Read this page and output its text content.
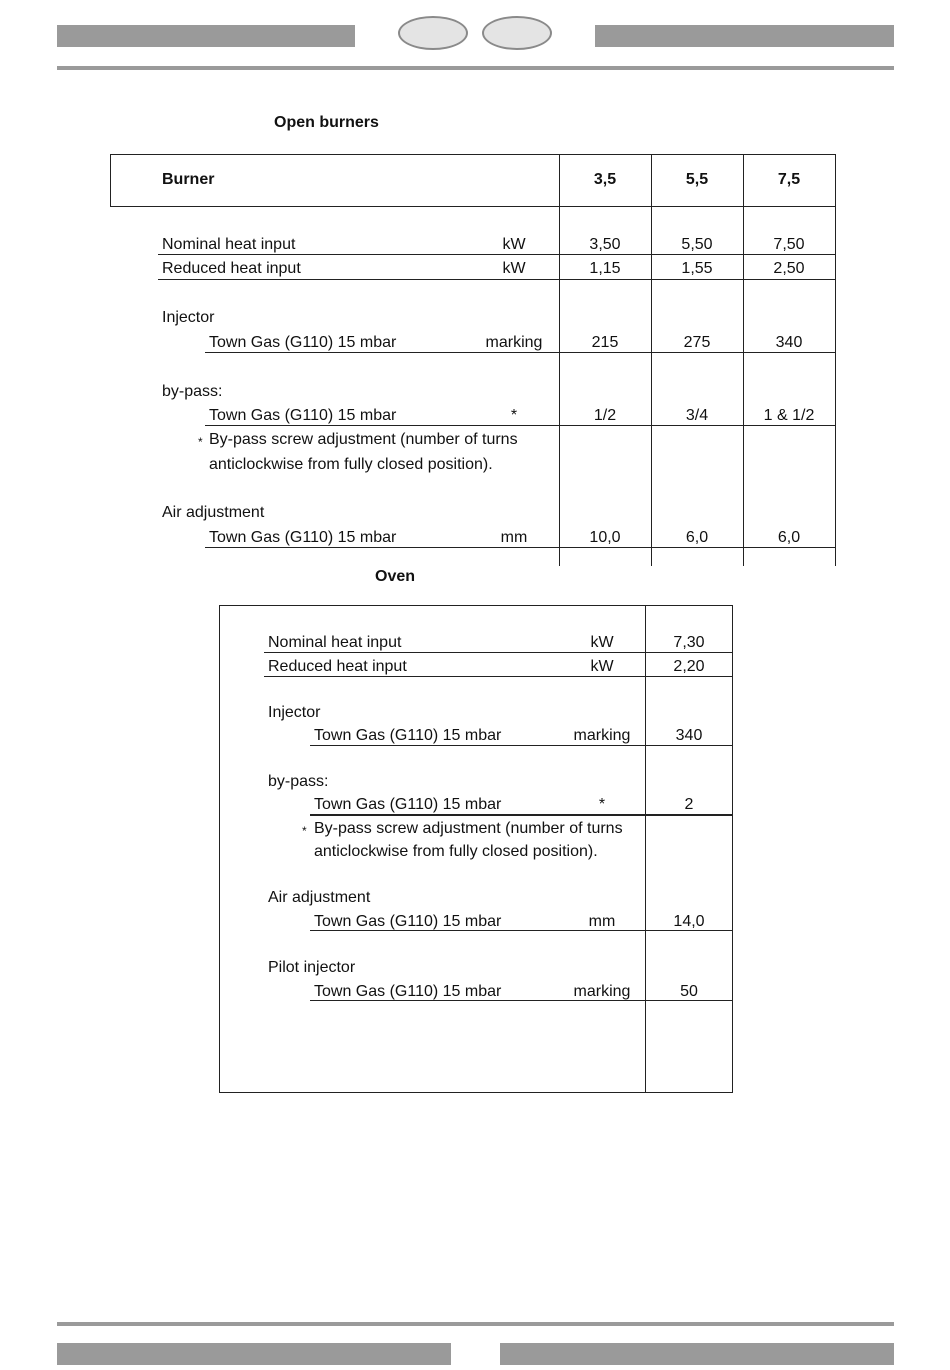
Open burners
Burner	3,5	5,5	7,5
Nominal heat input	kW	3,50	5,50	7,50
Reduced heat input	kW	1,15	1,55	2,50
Injector
Town Gas (G110) 15 mbar	marking	215	275	340
by-pass:
Town Gas (G110) 15 mbar	*	1/2	3/4	1 & 1/2
* By-pass screw adjustment (number of turns
anticlockwise from fully closed position).
Air adjustment
Town Gas (G110) 15 mbar	mm	10,0	6,0	6,0
Oven
Nominal heat input	kW	7,30
Reduced heat input	kW	2,20
Injector
Town Gas (G110) 15 mbar	marking	340
by-pass:
Town Gas (G110) 15 mbar	*	2
* By-pass screw adjustment (number of turns
anticlockwise from fully closed position).
Air adjustment
Town Gas (G110) 15 mbar	mm	14,0
Pilot injector
Town Gas (G110) 15 mbar	marking	50
